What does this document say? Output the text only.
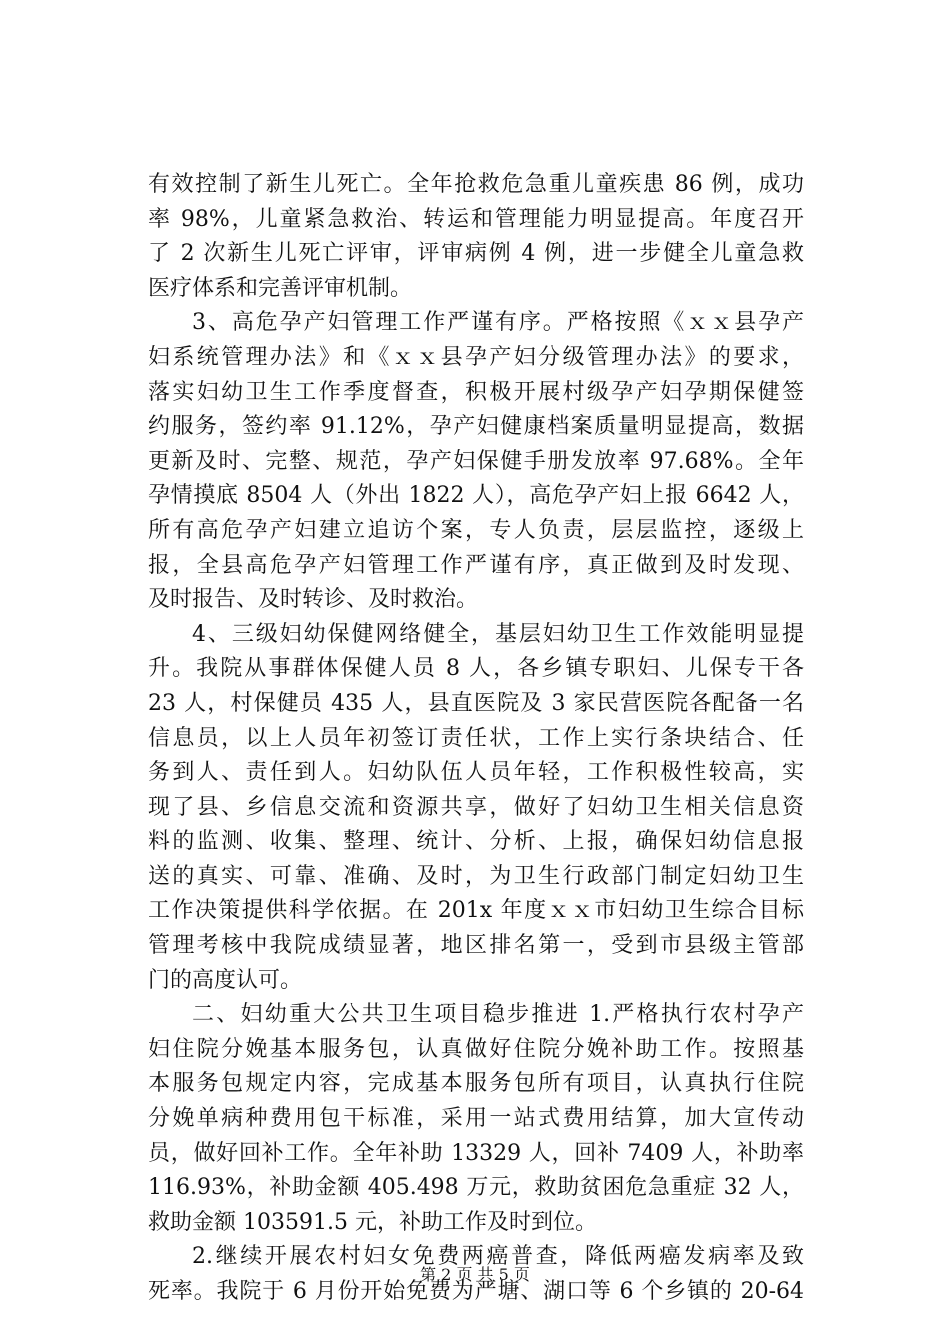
有效控制了新生儿死亡。全年抢救危急重儿童疾患 86 例，成功
率 98%，儿童紧急救治、转运和管理能力明显提高。年度召开
了 2 次新生儿死亡评审，评审病例 4 例，进一步健全儿童急救
医疗体系和完善评审机制。
3、高危孕产妇管理工作严谨有序。严格按照《ｘｘ县孕产
妇系统管理办法》和《ｘｘ县孕产妇分级管理办法》的要求，
落实妇幼卫生工作季度督查，积极开展村级孕产妇孕期保健签
约服务，签约率 91.12%，孕产妇健康档案质量明显提高，数据
更新及时、完整、规范，孕产妇保健手册发放率 97.68%。全年
孕情摸底 8504 人（外出 1822 人），高危孕产妇上报 6642 人，
所有高危孕产妇建立追访个案，专人负责，层层监控，逐级上
报，全县高危孕产妇管理工作严谨有序，真正做到及时发现、
及时报告、及时转诊、及时救治。
4、三级妇幼保健网络健全，基层妇幼卫生工作效能明显提
升。我院从事群体保健人员 8 人，各乡镇专职妇、儿保专干各
23 人，村保健员 435 人，县直医院及 3 家民营医院各配备一名
信息员，以上人员年初签订责任状，工作上实行条块结合、任
务到人、责任到人。妇幼队伍人员年轻，工作积极性较高，实
现了县、乡信息交流和资源共享，做好了妇幼卫生相关信息资
料的监测、收集、整理、统计、分析、上报，确保妇幼信息报
送的真实、可靠、准确、及时，为卫生行政部门制定妇幼卫生
工作决策提供科学依据。在 201x 年度ｘｘ市妇幼卫生综合目标
管理考核中我院成绩显著，地区排名第一，受到市县级主管部
门的高度认可。
二、妇幼重大公共卫生项目稳步推进 1.严格执行农村孕产
妇住院分娩基本服务包，认真做好住院分娩补助工作。按照基
本服务包规定内容，完成基本服务包所有项目，认真执行住院
分娩单病种费用包干标准，采用一站式费用结算，加大宣传动
员，做好回补工作。全年补助 13329 人，回补 7409 人，补助率
116.93%，补助金额 405.498 万元，救助贫困危急重症 32 人，
救助金额 103591.5 元，补助工作及时到位。
2.继续开展农村妇女免费两癌普查，降低两癌发病率及致
死率。我院于 6 月份开始免费为严塘、湖口等 6 个乡镇的 20-64
第 2 页 共 5 页
